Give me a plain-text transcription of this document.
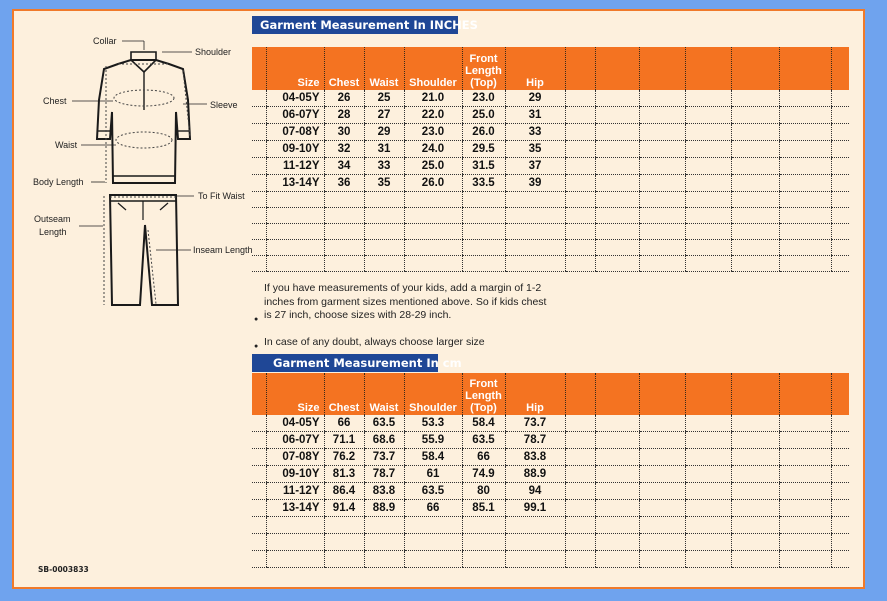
Collar
Shoulder
Chest	Sleeve
Waist
Body Length
To Fit Waist
Outseam
Length
Inseam Length
Garment Measurement In INCHES
	Size	Chest	Waist	Shoulder	Front
Length
(Top)	Hip							
	04-05Y	26	25	21.0	23.0	29							
	06-07Y	28	27	22.0	25.0	31							
	07-08Y	30	29	23.0	26.0	33							
	09-10Y	32	31	24.0	29.5	35							
	11-12Y	34	33	25.0	31.5	37							
	13-14Y	36	35	26.0	33.5	39							

●
If you have measurements of your kids, add a margin of 1-2
inches from garment sizes mentioned above. So if kids chest
is 27 inch, choose sizes with 28-29 inch.
● In case of any doubt, always choose larger size
Garment Measurement In cm
	Size	Chest	Waist	Shoulder	Front
Length
(Top)	Hip							
	04-05Y	66	63.5	53.3	58.4	73.7							
	06-07Y	71.1	68.6	55.9	63.5	78.7							
	07-08Y	76.2	73.7	58.4	66	83.8							
	09-10Y	81.3	78.7	61	74.9	88.9							
	11-12Y	86.4	83.8	63.5	80	94							
	13-14Y	91.4	88.9	66	85.1	99.1							

SB-0003833
